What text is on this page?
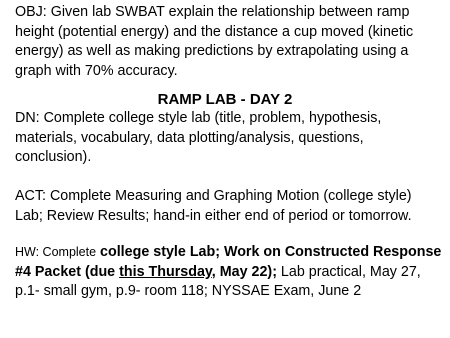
OBJ: Given lab SWBAT explain the relationship between ramp height (potential energy) and the distance a cup moved (kinetic energy) as well as making predictions by extrapolating using a graph with 70% accuracy.

RAMP LAB - DAY 2

DN: Complete college style lab (title, problem, hypothesis, materials, vocabulary, data plotting/analysis, questions, conclusion).

ACT: Complete Measuring and Graphing Motion (college style) Lab; Review Results; hand-in either end of period or tomorrow.

HW: Complete college style Lab; Work on Constructed Response #4 Packet (due this Thursday, May 22); Lab practical, May 27, p.1- small gym, p.9- room 118; NYSSAE Exam, June 2
